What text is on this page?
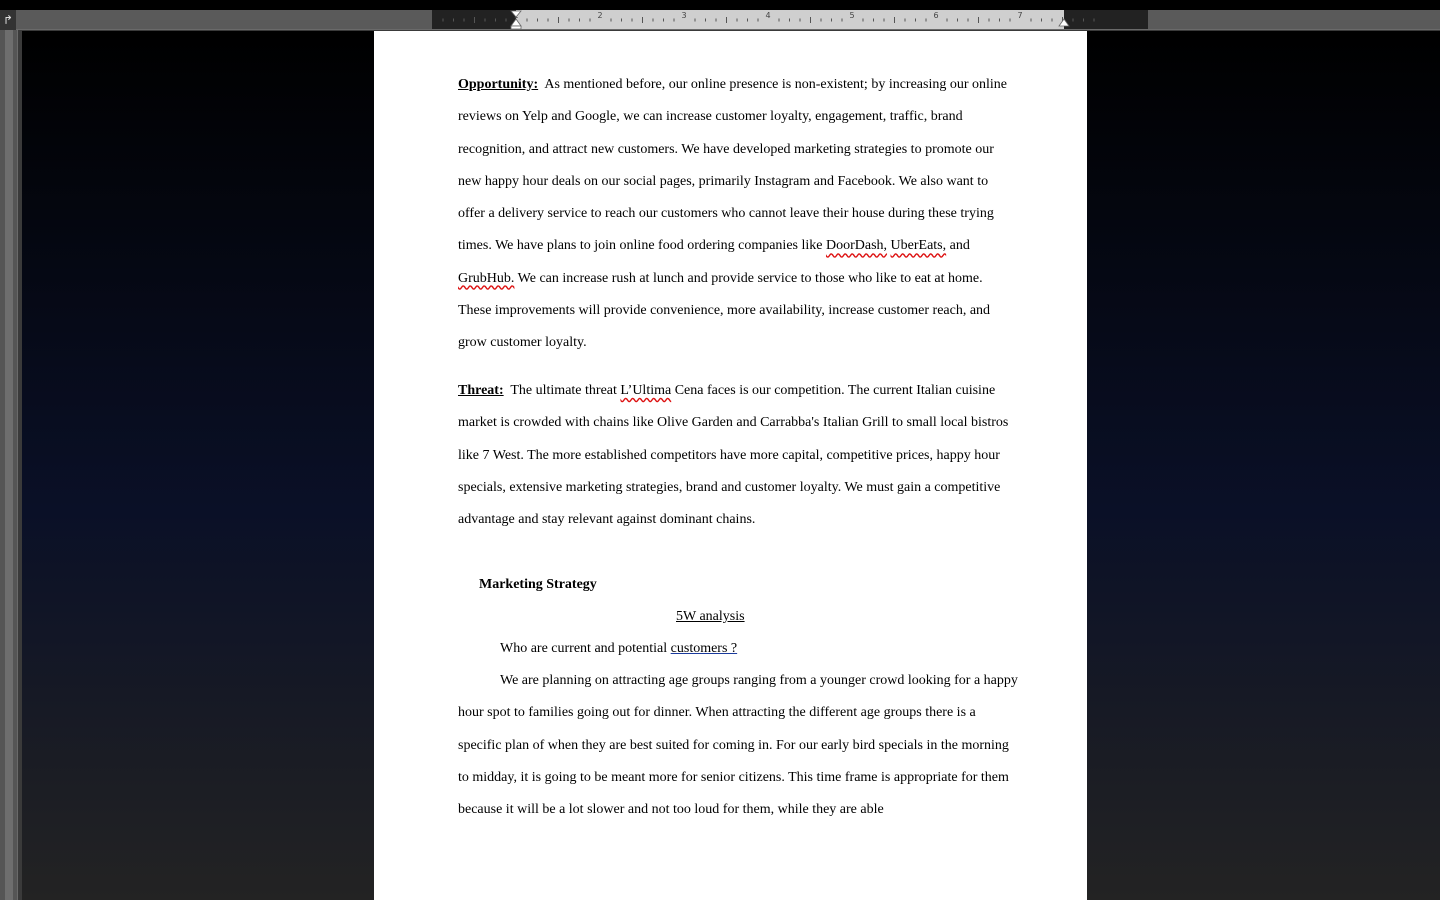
↱	2	3	4	5	6	7

Opportunity: As mentioned before, our online presence is non-existent; by increasing our online reviews on Yelp and Google, we can increase customer loyalty, engagement, traffic, brand recognition, and attract new customers. We have developed marketing strategies to promote our new happy hour deals on our social pages, primarily Instagram and Facebook. We also want to offer a delivery service to reach our customers who cannot leave their house during these trying times. We have plans to join online food ordering companies like DoorDash, UberEats, and GrubHub. We can increase rush at lunch and provide service to those who like to eat at home. These improvements will provide convenience, more availability, increase customer reach, and grow customer loyalty.

Threat: The ultimate threat L’Ultima Cena faces is our competition. The current Italian cuisine market is crowded with chains like Olive Garden and Carrabba's Italian Grill to small local bistros like 7 West. The more established competitors have more capital, competitive prices, happy hour specials, extensive marketing strategies, brand and customer loyalty. We must gain a competitive advantage and stay relevant against dominant chains.

Marketing Strategy

5W analysis

Who are current and potential customers ?

We are planning on attracting age groups ranging from a younger crowd looking for a happy hour spot to families going out for dinner. When attracting the different age groups there is a specific plan of when they are best suited for coming in. For our early bird specials in the morning to midday, it is going to be meant more for senior citizens. This time frame is appropriate for them because it will be a lot slower and not too loud for them, while they are able
